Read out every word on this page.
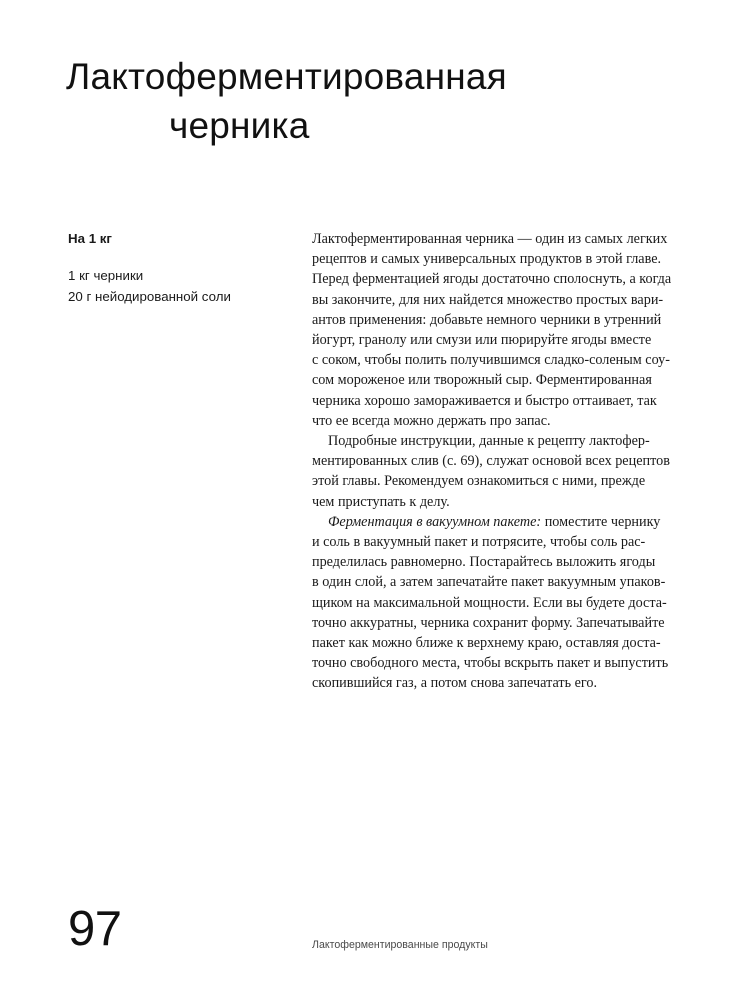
Лактоферментированная
черника

На 1 кг

1 кг черники
20 г нейодированной соли

Лактоферментированная черника — один из самых легких
рецептов и самых универсальных продуктов в этой главе.
Перед ферментацией ягоды достаточно сполоснуть, а когда
вы закончите, для них найдется множество простых вари-
антов применения: добавьте немного черники в утренний
йогурт, гранолу или смузи или пюрируйте ягоды вместе
с соком, чтобы полить получившимся сладко-соленым соу-
сом мороженое или творожный сыр. Ферментированная
черника хорошо замораживается и быстро оттаивает, так
что ее всегда можно держать про запас.

Подробные инструкции, данные к рецепту лактофер-
ментированных слив (с. 69), служат основой всех рецептов
этой главы. Рекомендуем ознакомиться с ними, прежде
чем приступать к делу.

Ферментация в вакуумном пакете: поместите чернику
и соль в вакуумный пакет и потрясите, чтобы соль рас-
пределилась равномерно. Постарайтесь выложить ягоды
в один слой, а затем запечатайте пакет вакуумным упаков-
щиком на максимальной мощности. Если вы будете доста-
точно аккуратны, черника сохранит форму. Запечатывайте
пакет как можно ближе к верхнему краю, оставляя доста-
точно свободного места, чтобы вскрыть пакет и выпустить
скопившийся газ, а потом снова запечатать его.

97	Лактоферментированные продукты
